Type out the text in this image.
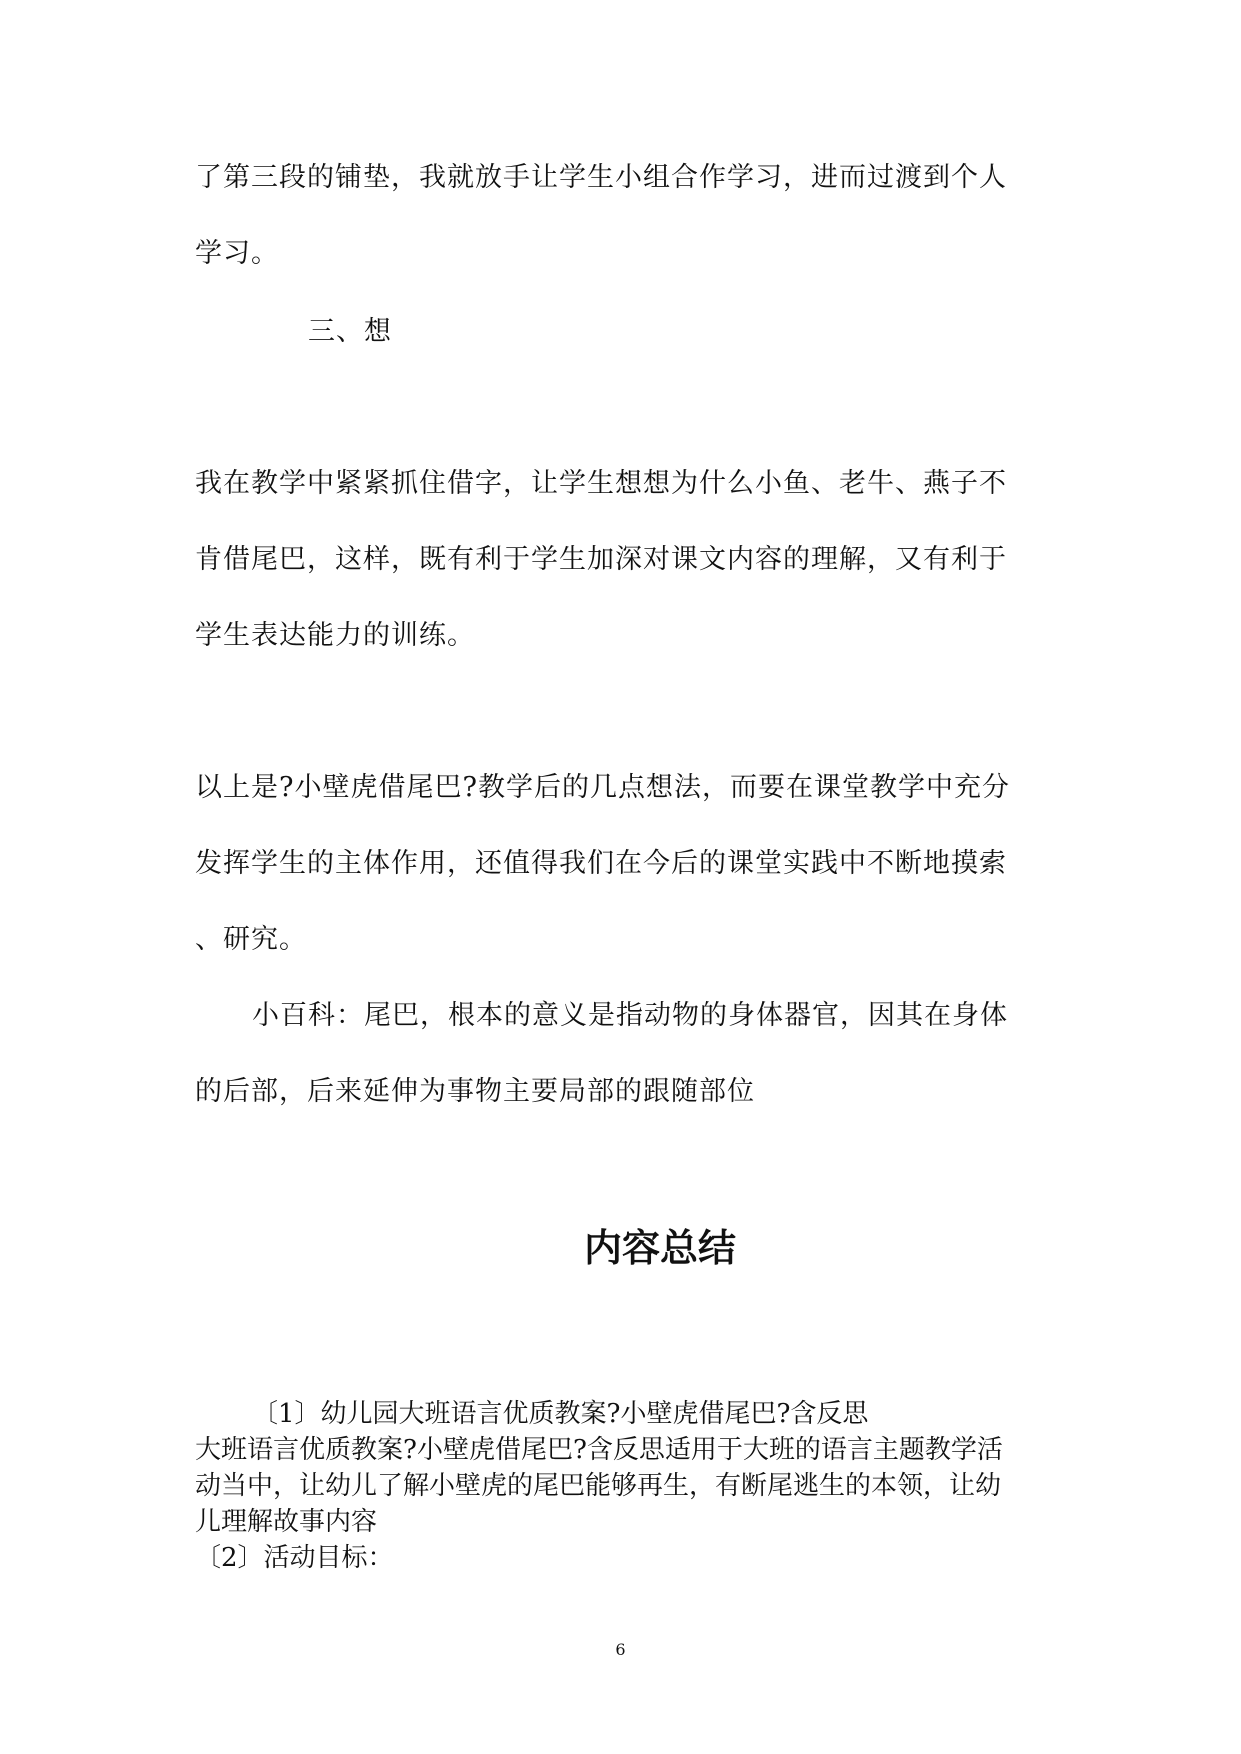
了第三段的铺垫，我就放手让学生小组合作学习，进而过渡到个人
学习。
三、想
我在教学中紧紧抓住借字，让学生想想为什么小鱼、老牛、燕子不
肯借尾巴，这样，既有利于学生加深对课文内容的理解，又有利于
学生表达能力的训练。
以上是?小壁虎借尾巴?教学后的几点想法，而要在课堂教学中充分
发挥学生的主体作用，还值得我们在今后的课堂实践中不断地摸索
、研究。
小百科：尾巴，根本的意义是指动物的身体器官，因其在身体
的后部，后来延伸为事物主要局部的跟随部位
内容总结
〔1〕幼儿园大班语言优质教案?小壁虎借尾巴?含反思
大班语言优质教案?小壁虎借尾巴?含反思适用于大班的语言主题教学活
动当中，让幼儿了解小壁虎的尾巴能够再生，有断尾逃生的本领，让幼
儿理解故事内容
〔2〕活动目标：
6
